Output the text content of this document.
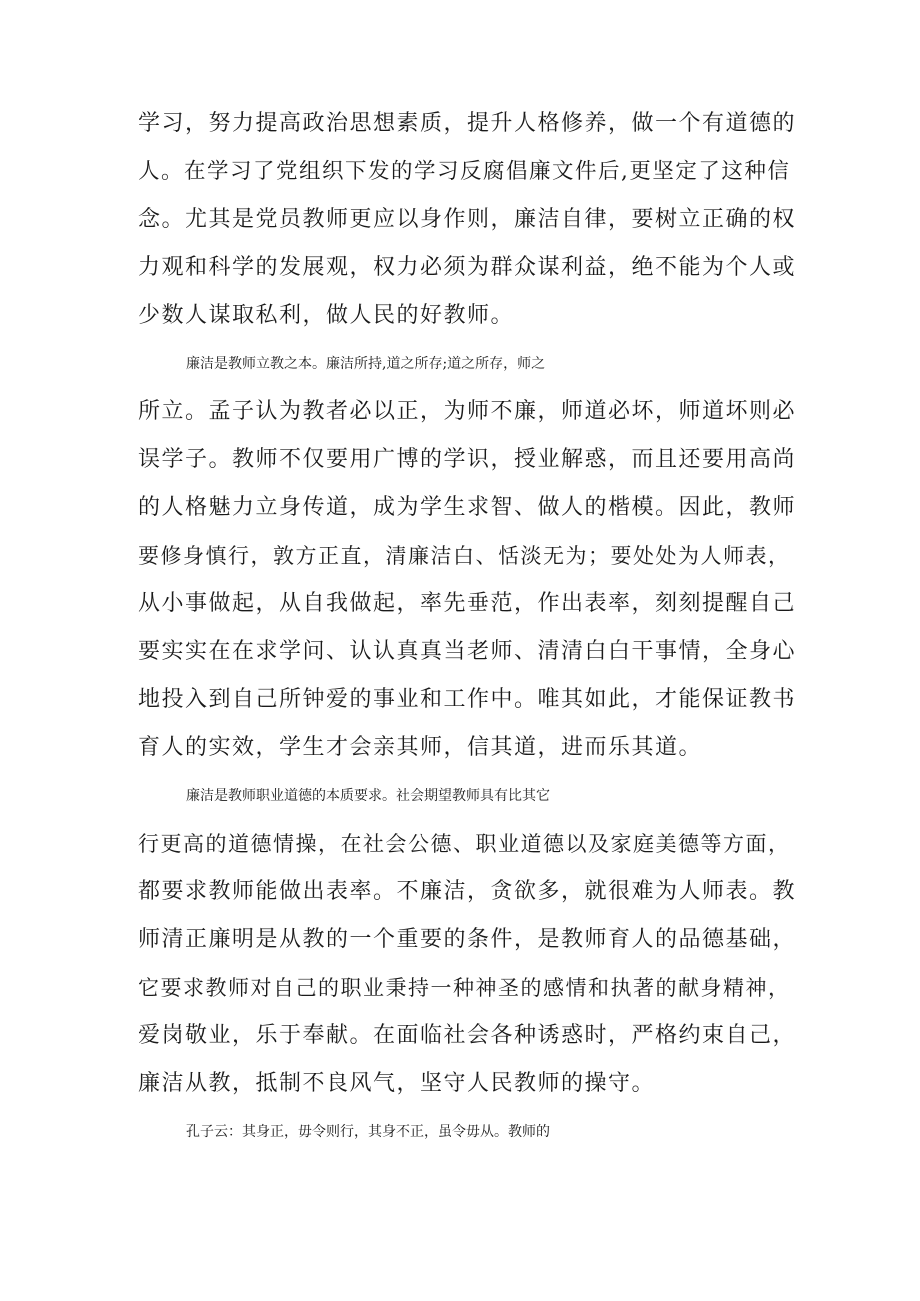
学习，努力提高政治思想素质，提升人格修养，做一个有道德的
人。在学习了党组织下发的学习反腐倡廉文件后,更坚定了这种信
念。尤其是党员教师更应以身作则，廉洁自律，要树立正确的权
力观和科学的发展观，权力必须为群众谋利益，绝不能为个人或
少数人谋取私利，做人民的好教师。
廉洁是教师立教之本。廉洁所持,道之所存;道之所存，师之
所立。孟子认为教者必以正，为师不廉，师道必坏，师道坏则必
误学子。教师不仅要用广博的学识，授业解惑，而且还要用高尚
的人格魅力立身传道，成为学生求智、做人的楷模。因此，教师
要修身慎行，敦方正直，清廉洁白、恬淡无为；要处处为人师表，
从小事做起，从自我做起，率先垂范，作出表率，刻刻提醒自己
要实实在在求学问、认认真真当老师、清清白白干事情，全身心
地投入到自己所钟爱的事业和工作中。唯其如此，才能保证教书
育人的实效，学生才会亲其师，信其道，进而乐其道。
廉洁是教师职业道德的本质要求。社会期望教师具有比其它
行更高的道德情操，在社会公德、职业道德以及家庭美德等方面，
都要求教师能做出表率。不廉洁，贪欲多，就很难为人师表。教
师清正廉明是从教的一个重要的条件，是教师育人的品德基础，
它要求教师对自己的职业秉持一种神圣的感情和执著的献身精神，
爱岗敬业，乐于奉献。在面临社会各种诱惑时，严格约束自己，
廉洁从教，抵制不良风气，坚守人民教师的操守。
孔子云：其身正，毋令则行，其身不正，虽令毋从。教师的
